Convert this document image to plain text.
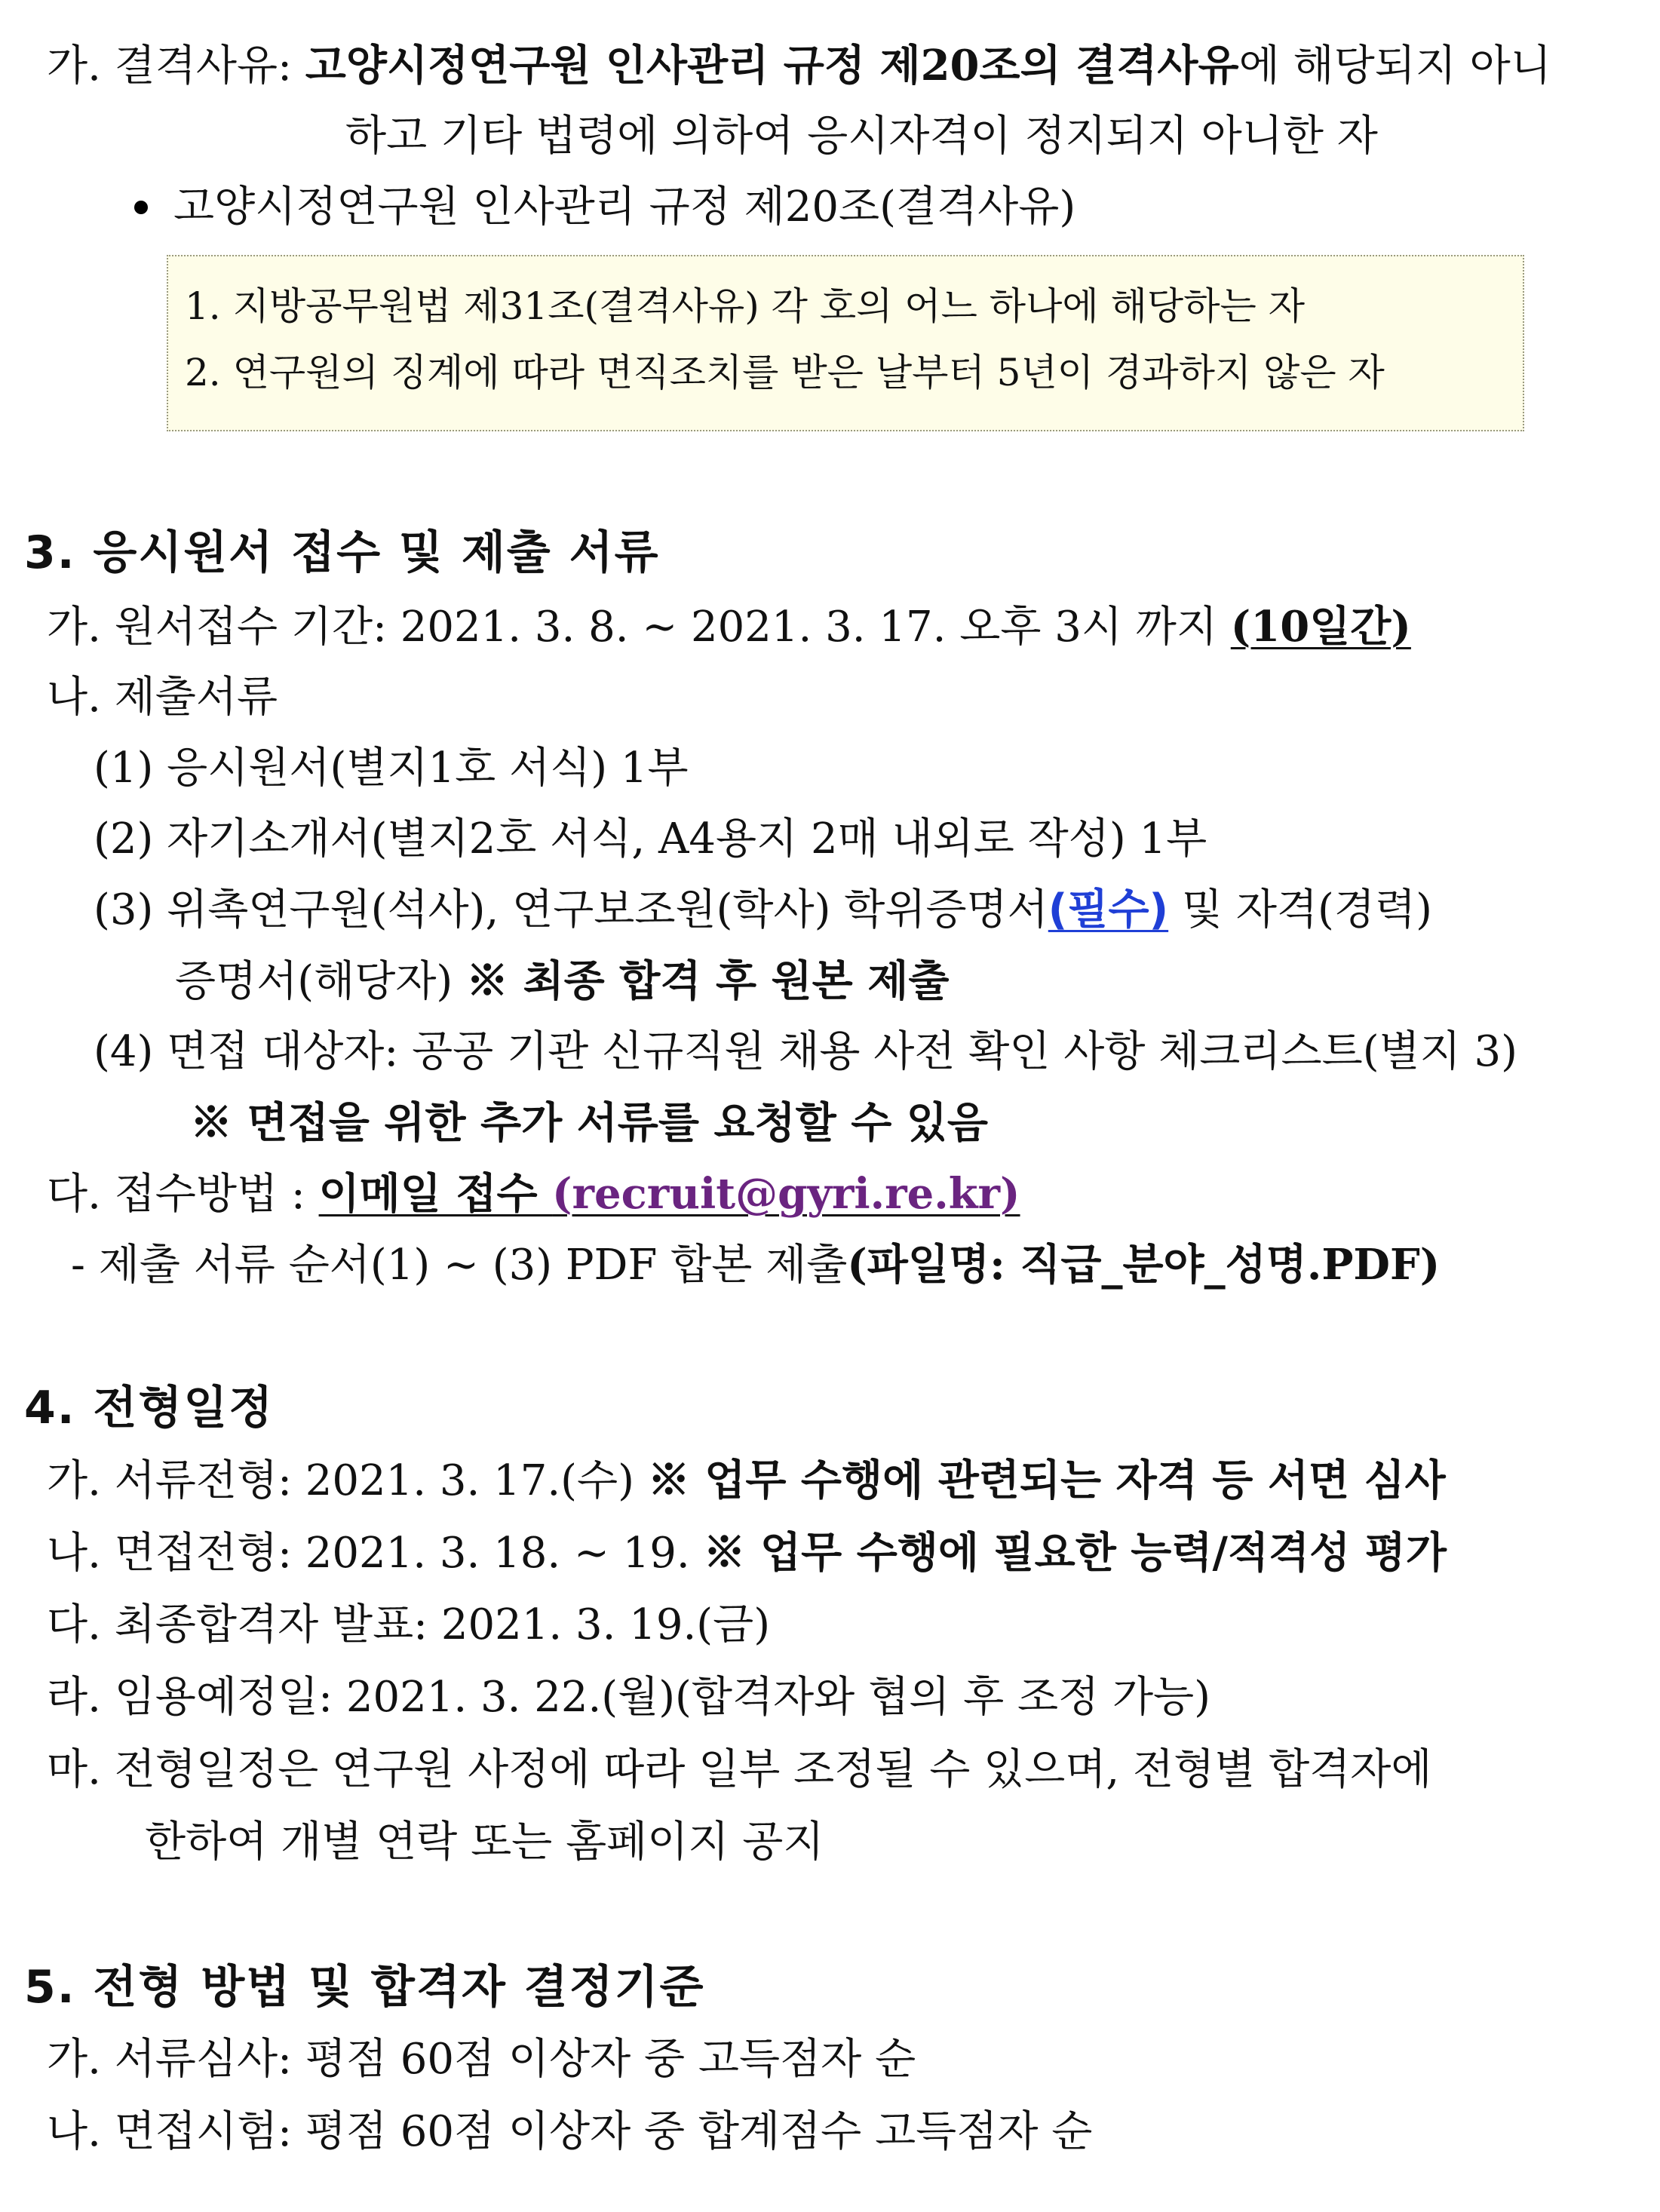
가. 결격사유: 고양시정연구원 인사관리 규정 제20조의 결격사유에 해당되지 아니
하고 기타 법령에 의하여 응시자격이 정지되지 아니한 자
고양시정연구원 인사관리 규정 제20조(결격사유)
1. 지방공무원법 제31조(결격사유) 각 호의 어느 하나에 해당하는 자
2. 연구원의 징계에 따라 면직조치를 받은 날부터 5년이 경과하지 않은 자
3. 응시원서 접수 및 제출 서류
가. 원서접수 기간: 2021. 3. 8. ~ 2021. 3. 17. 오후 3시 까지 (10일간)
나. 제출서류
(1) 응시원서(별지1호 서식) 1부
(2) 자기소개서(별지2호 서식, A4용지 2매 내외로 작성) 1부
(3) 위촉연구원(석사), 연구보조원(학사) 학위증명서(필수) 및 자격(경력)
증명서(해당자) ※ 최종 합격 후 원본 제출
(4) 면접 대상자: 공공 기관 신규직원 채용 사전 확인 사항 체크리스트(별지 3)
※ 면접을 위한 추가 서류를 요청할 수 있음
다. 접수방법 : 이메일 접수 (recruit@gyri.re.kr)
- 제출 서류 순서(1) ~ (3) PDF 합본 제출(파일명: 직급_분야_성명.PDF)
4. 전형일정
가. 서류전형: 2021. 3. 17.(수) ※ 업무 수행에 관련되는 자격 등 서면 심사
나. 면접전형: 2021. 3. 18. ~ 19. ※ 업무 수행에 필요한 능력/적격성 평가
다. 최종합격자 발표: 2021. 3. 19.(금)
라. 임용예정일: 2021. 3. 22.(월)(합격자와 협의 후 조정 가능)
마. 전형일정은 연구원 사정에 따라 일부 조정될 수 있으며, 전형별 합격자에
한하여 개별 연락 또는 홈페이지 공지
5. 전형 방법 및 합격자 결정기준
가. 서류심사: 평점 60점 이상자 중 고득점자 순
나. 면접시험: 평점 60점 이상자 중 합계점수 고득점자 순
